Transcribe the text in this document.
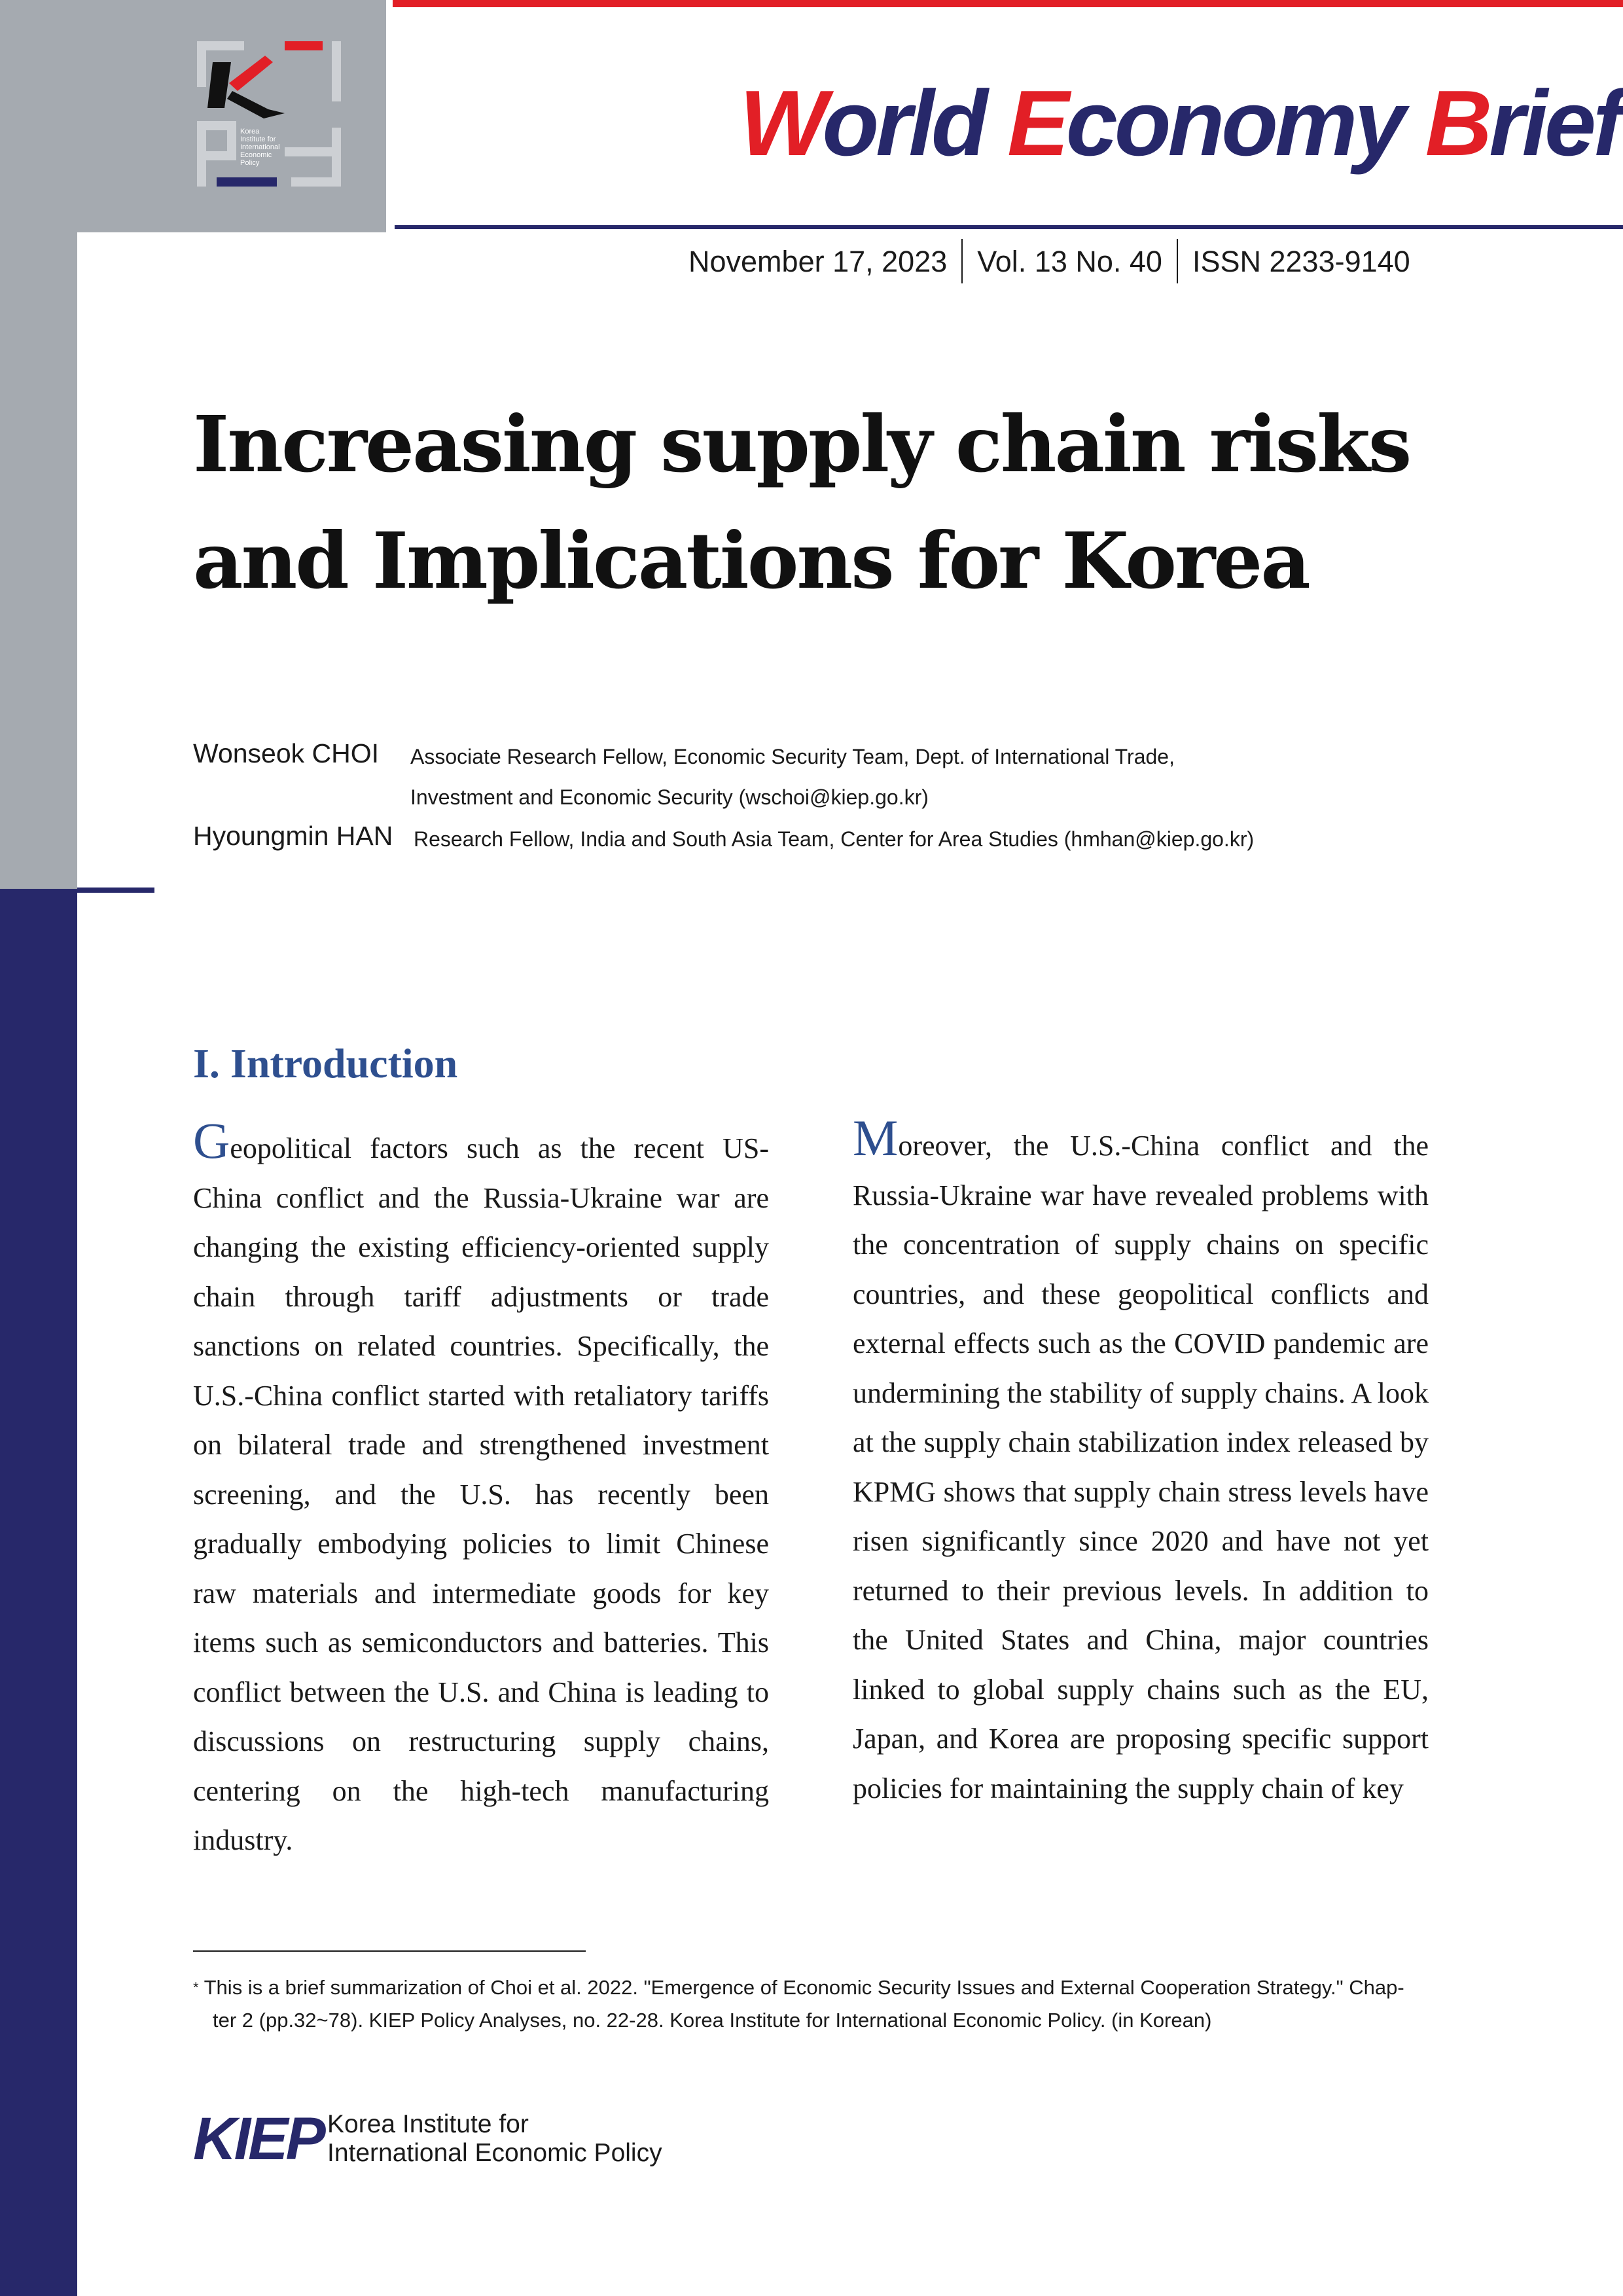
Korea Institute for International Economic Policy	World Economy Brief
November 17, 2023 Vol. 13 No. 40 ISSN 2233-9140
Increasing supply chain risks
and Implications for Korea
Wonseok CHOI Associate Research Fellow, Economic Security Team, Dept. of International Trade,
Investment and Economic Security (wschoi@kiep.go.kr)
Hyoungmin HAN Research Fellow, India and South Asia Team, Center for Area Studies (hmhan@kiep.go.kr)
I. Introduction
Geopolitical factors such as the recent US-China conflict and the Russia-Ukraine war are changing the existing efficiency-oriented supply chain through tariff adjustments or trade sanctions on related countries. Specifically, the U.S.-China conflict started with retaliatory tariffs on bilateral trade and strengthened investment screening, and the U.S. has recently been gradually embodying policies to limit Chinese raw materials and intermediate goods for key items such as semiconductors and batteries. This conflict between the U.S. and China is leading to discussions on restructuring supply chains, centering on the high-tech manufacturing industry.
Moreover, the U.S.-China conflict and the Russia-Ukraine war have revealed problems with the concentration of supply chains on specific countries, and these geopolitical conflicts and external effects such as the COVID pandemic are undermining the stability of supply chains. A look at the supply chain stabilization index released by KPMG shows that supply chain stress levels have risen significantly since 2020 and have not yet returned to their previous levels. In addition to the United States and China, major countries linked to global supply chains such as the EU, Japan, and Korea are proposing specific support policies for maintaining the supply chain of key
* This is a brief summarization of Choi et al. 2022. "Emergence of Economic Security Issues and External Cooperation Strategy." Chap-
ter 2 (pp.32~78). KIEP Policy Analyses, no. 22-28. Korea Institute for International Economic Policy. (in Korean)
KIEP Korea Institute for
International Economic Policy
